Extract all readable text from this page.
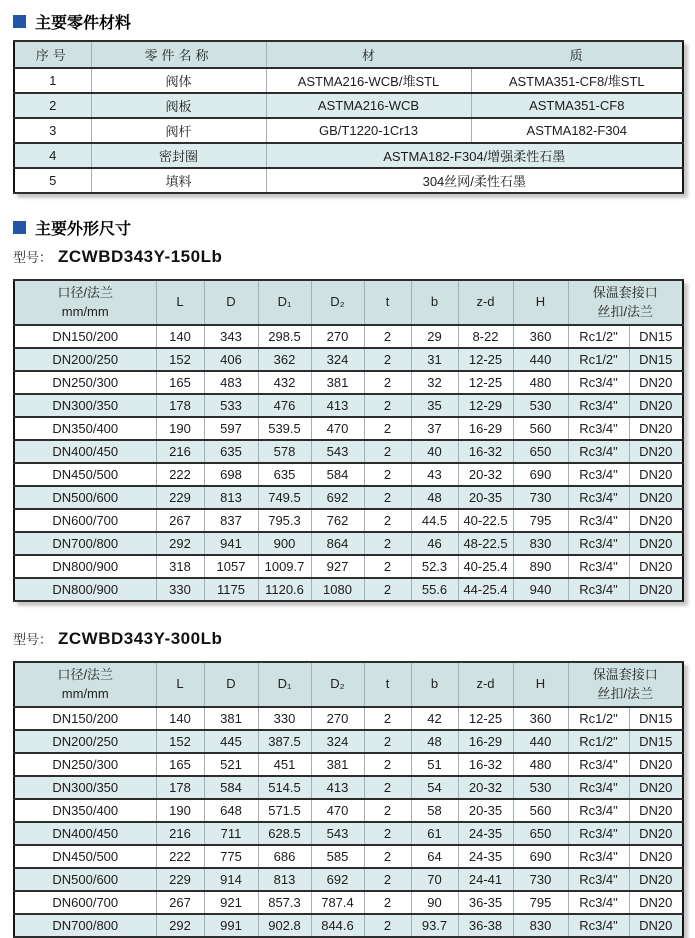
主要零件材料
序号	零件名称	材 质	

1	阀体	ASTMA216-WCB/堆STL	ASTMA351-CF8/堆STL
2	阀板	ASTMA216-WCB	ASTMA351-CF8
3	阀杆	GB/T1220-1Cr13	ASTMA182-F304
4	密封圈	ASTMA182-F304/增强柔性石墨	
5	填料	304丝网/柔性石墨	
主要外形尺寸
型号： ZCWBD343Y-150Lb
口径/法兰
mm/mm
	L	D	D₁	D₂	t	b	z-d	H	
保温套接口
丝扣/法兰

DN150/200	140	343	298.5	270	2	29	8-22	360	Rc1/2"	DN15
DN200/250	152	406	362	324	2	31	12-25	440	Rc1/2"	DN15
DN250/300	165	483	432	381	2	32	12-25	480	Rc3/4"	DN20
DN300/350	178	533	476	413	2	35	12-29	530	Rc3/4"	DN20
DN350/400	190	597	539.5	470	2	37	16-29	560	Rc3/4"	DN20
DN400/450	216	635	578	543	2	40	16-32	650	Rc3/4"	DN20
DN450/500	222	698	635	584	2	43	20-32	690	Rc3/4"	DN20
DN500/600	229	813	749.5	692	2	48	20-35	730	Rc3/4"	DN20
DN600/700	267	837	795.3	762	2	44.5	40-22.5	795	Rc3/4"	DN20
DN700/800	292	941	900	864	2	46	48-22.5	830	Rc3/4"	DN20
DN800/900	318	1057	1009.7	927	2	52.3	40-25.4	890	Rc3/4"	DN20
DN800/900	330	1175	1120.6	1080	2	55.6	44-25.4	940	Rc3/4"	DN20
型号： ZCWBD343Y-300Lb
口径/法兰
mm/mm
	L	D	D₁	D₂	t	b	z-d	H	
保温套接口
丝扣/法兰

DN150/200	140	381	330	270	2	42	12-25	360	Rc1/2"	DN15
DN200/250	152	445	387.5	324	2	48	16-29	440	Rc1/2"	DN15
DN250/300	165	521	451	381	2	51	16-32	480	Rc3/4"	DN20
DN300/350	178	584	514.5	413	2	54	20-32	530	Rc3/4"	DN20
DN350/400	190	648	571.5	470	2	58	20-35	560	Rc3/4"	DN20
DN400/450	216	711	628.5	543	2	61	24-35	650	Rc3/4"	DN20
DN450/500	222	775	686	585	2	64	24-35	690	Rc3/4"	DN20
DN500/600	229	914	813	692	2	70	24-41	730	Rc3/4"	DN20
DN600/700	267	921	857.3	787.4	2	90	36-35	795	Rc3/4"	DN20
DN700/800	292	991	902.8	844.6	2	93.7	36-38	830	Rc3/4"	DN20
